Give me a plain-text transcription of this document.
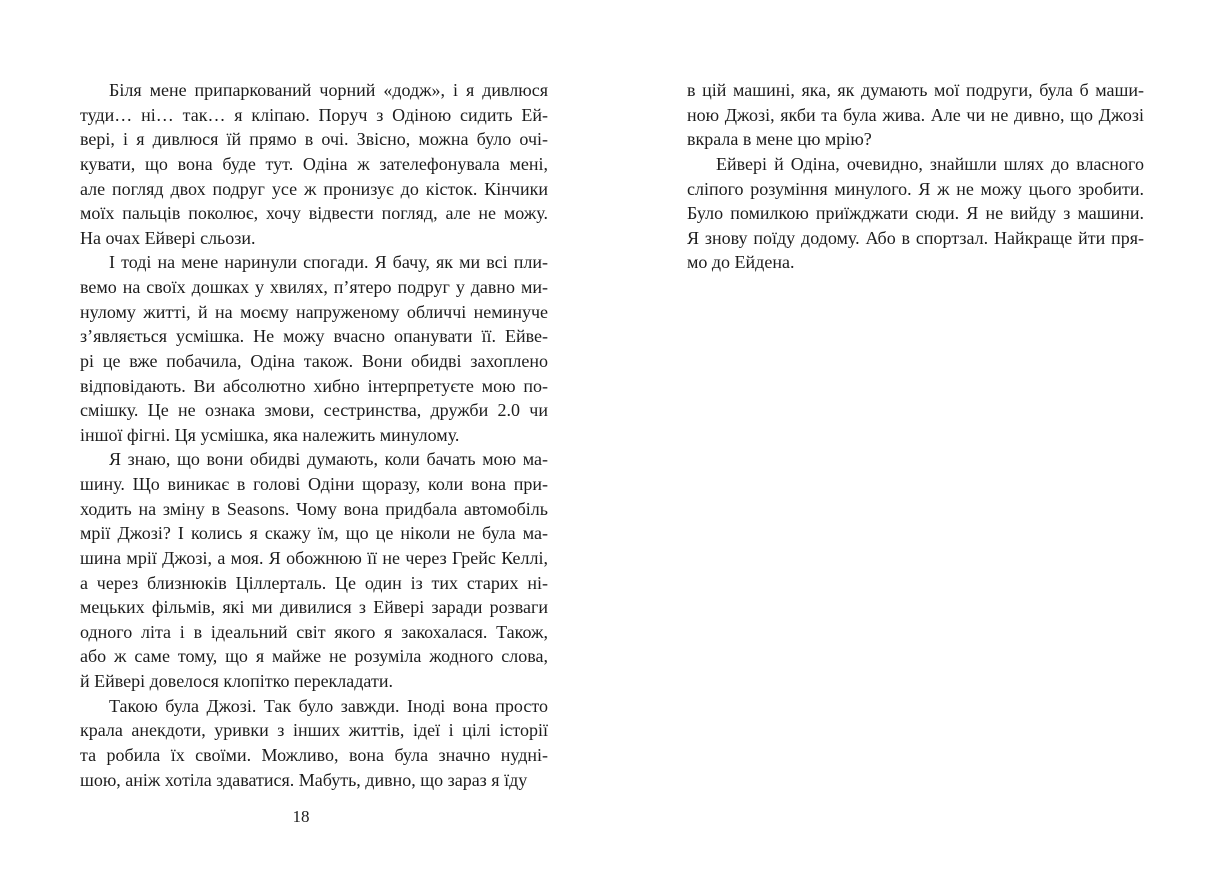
Біля мене припаркований чорний «додж», і я дивлюся
туди… ні… так… я кліпаю. Поруч з Одіною сидить Ей-
вері, і я дивлюся їй прямо в очі. Звісно, можна було очі-
кувати, що вона буде тут. Одіна ж зателефонувала мені,
але погляд двох подруг усе ж пронизує до кісток. Кінчики
моїх пальців поколює, хочу відвести погляд, але не можу.
На очах Ейвері сльози.

І тоді на мене наринули спогади. Я бачу, як ми всі пли-
вемо на своїх дошках у хвилях, п’ятеро подруг у давно ми-
нулому житті, й на моєму напруженому обличчі неминуче
з’являється усмішка. Не можу вчасно опанувати її. Ейве-
рі це вже побачила, Одіна також. Вони обидві захоплено
відповідають. Ви абсолютно хибно інтерпретуєте мою по-
смішку. Це не ознака змови, сестринства, дружби 2.0 чи
іншої фігні. Ця усмішка, яка належить минулому.

Я знаю, що вони обидві думають, коли бачать мою ма-
шину. Що виникає в голові Одіни щоразу, коли вона при-
ходить на зміну в Seasons. Чому вона придбала автомобіль
мрії Джозі? І колись я скажу їм, що це ніколи не була ма-
шина мрії Джозі, а моя. Я обожнюю її не через Грейс Келлі,
а через близнюків Ціллерталь. Це один із тих старих ні-
мецьких фільмів, які ми дивилися з Ейвері заради розваги
одного літа і в ідеальний світ якого я закохалася. Також,
або ж саме тому, що я майже не розуміла жодного слова,
й Ейвері довелося клопітко перекладати.

Такою була Джозі. Так було завжди. Іноді вона просто
крала анекдоти, уривки з інших життів, ідеї і цілі історії
та робила їх своїми. Можливо, вона була значно нудні-
шою, аніж хотіла здаватися. Мабуть, дивно, що зараз я їду

18

в цій машині, яка, як думають мої подруги, була б маши-
ною Джозі, якби та була жива. Але чи не дивно, що Джозі
вкрала в мене цю мрію?

Ейвері й Одіна, очевидно, знайшли шлях до власного
сліпого розуміння минулого. Я ж не можу цього зробити.
Було помилкою приїжджати сюди. Я не вийду з машини.
Я знову поїду додому. Або в спортзал. Найкраще йти пря-
мо до Ейдена.
